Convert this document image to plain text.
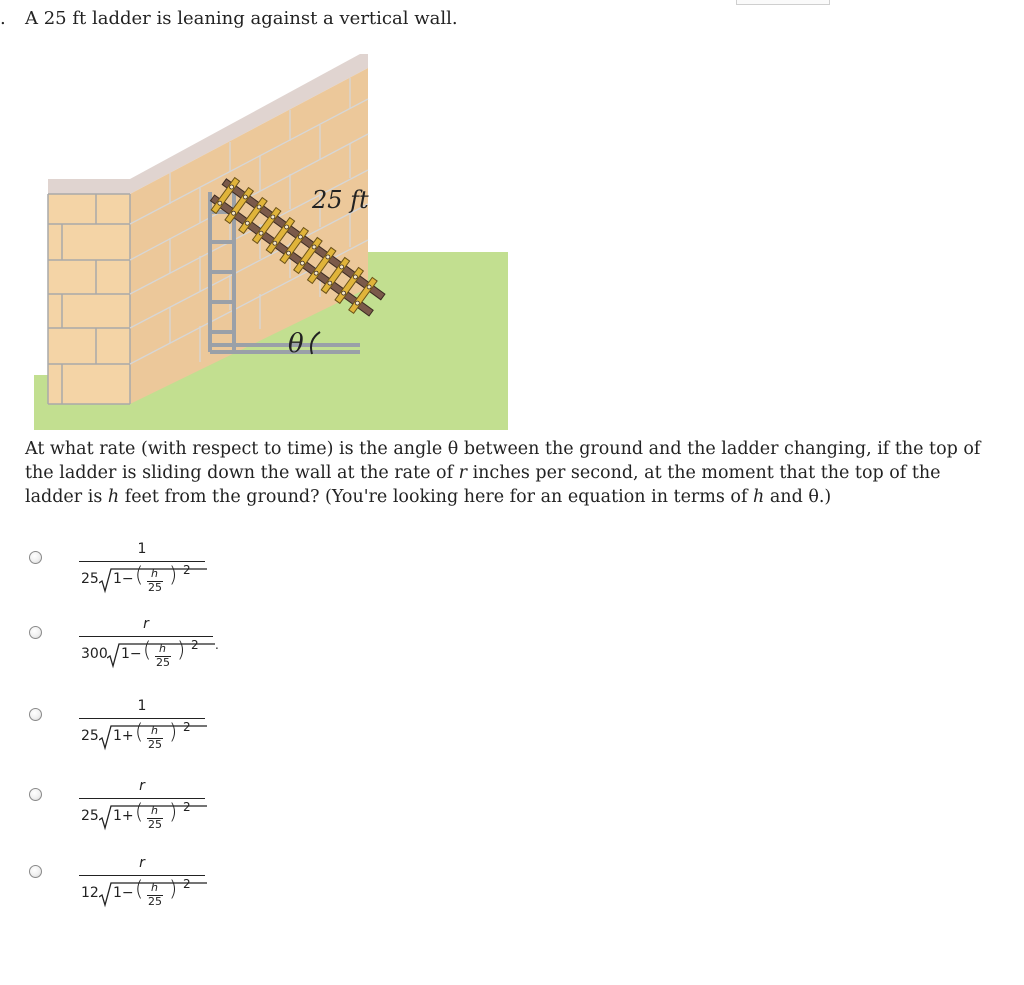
. A 25 ft ladder is leaning against a vertical wall.
θ
25 ft
At what rate (with respect to time) is the angle θ between the ground and the ladder changing, if the top of the ladder is sliding down the wall at the rate of r inches per second, at the moment that the top of the ladder is h feet from the ground? (You're looking here for an equation in terms of h and θ.)
1
25 1− ( h
25
) 2
r
300 1− ( h
25
) 2 .
1
25 1+ ( h
25
) 2
r
25 1+ ( h
25
) 2
r
12 1− ( h
25
) 2
